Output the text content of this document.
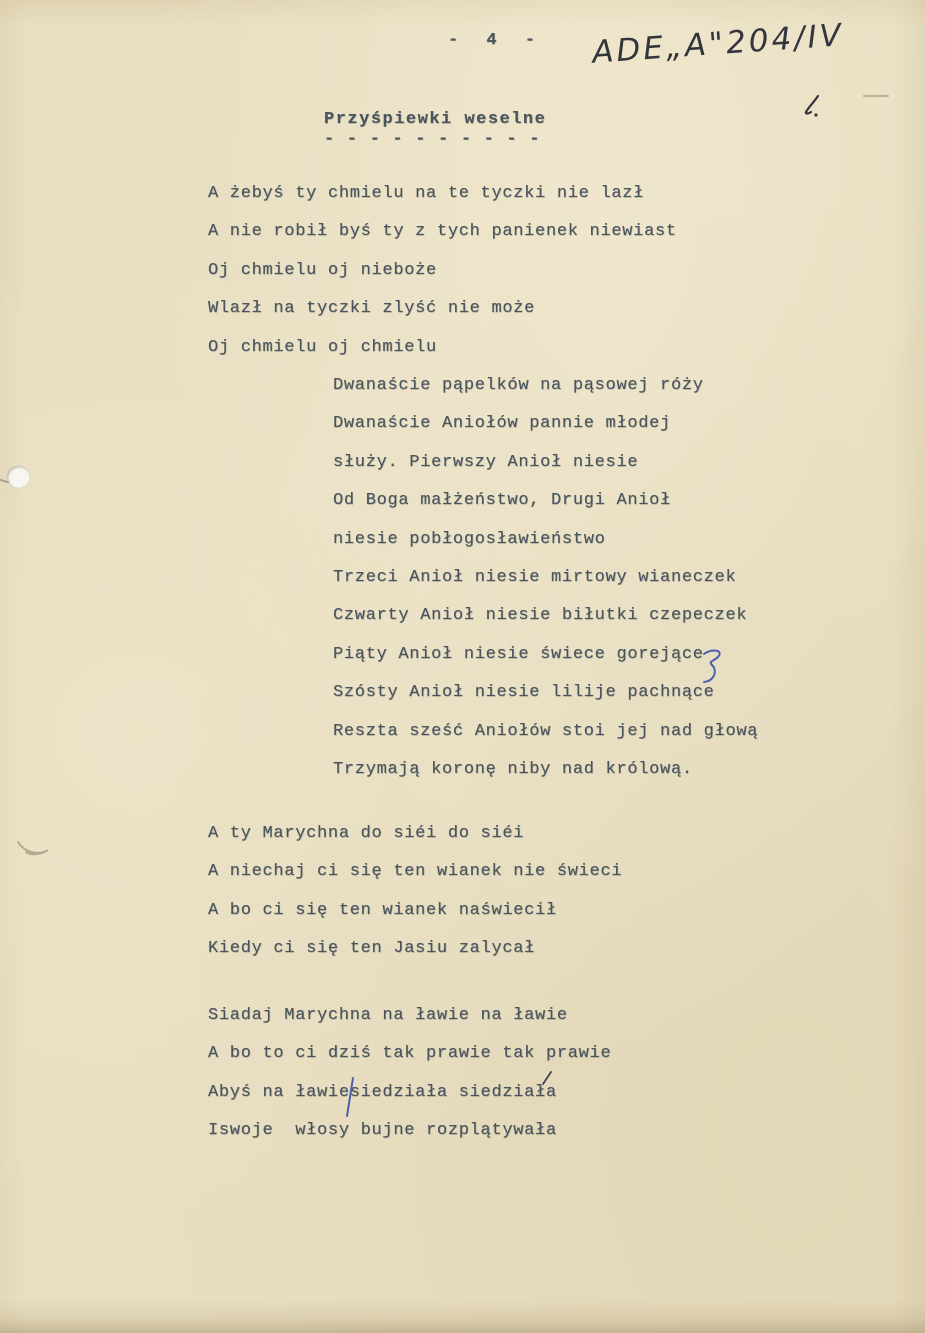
- 4 - ADE„A"204/IV
Przyśpiewki weselne
- - - - - - - - - -
A żebyś ty chmielu na te tyczki nie lazł
A nie robił byś ty z tych panienek niewiast
Oj chmielu oj nieboże
Wlazł na tyczki zlyść nie może
Oj chmielu oj chmielu
Dwanaście pąpelków na pąsowej róży
Dwanaście Aniołów pannie młodej
służy. Pierwszy Anioł niesie
Od Boga małżeństwo, Drugi Anioł
niesie pobłogosławieństwo
Trzeci Anioł niesie mirtowy wianeczek
Czwarty Anioł niesie biłutki czepeczek
Piąty Anioł niesie świece gorejące
Szósty Anioł niesie lilije pachnące
Reszta sześć Aniołów stoi jej nad głową
Trzymają koronę niby nad królową.
A ty Marychna do siéi do siéi
A niechaj ci się ten wianek nie świeci
A bo ci się ten wianek naświecił
Kiedy ci się ten Jasiu zalycał
Siadaj Marychna na ławie na ławie
A bo to ci dziś tak prawie tak prawie
Abyś na ławiesiedziała siedziała
Iswoje  włosy bujne rozplątywała
